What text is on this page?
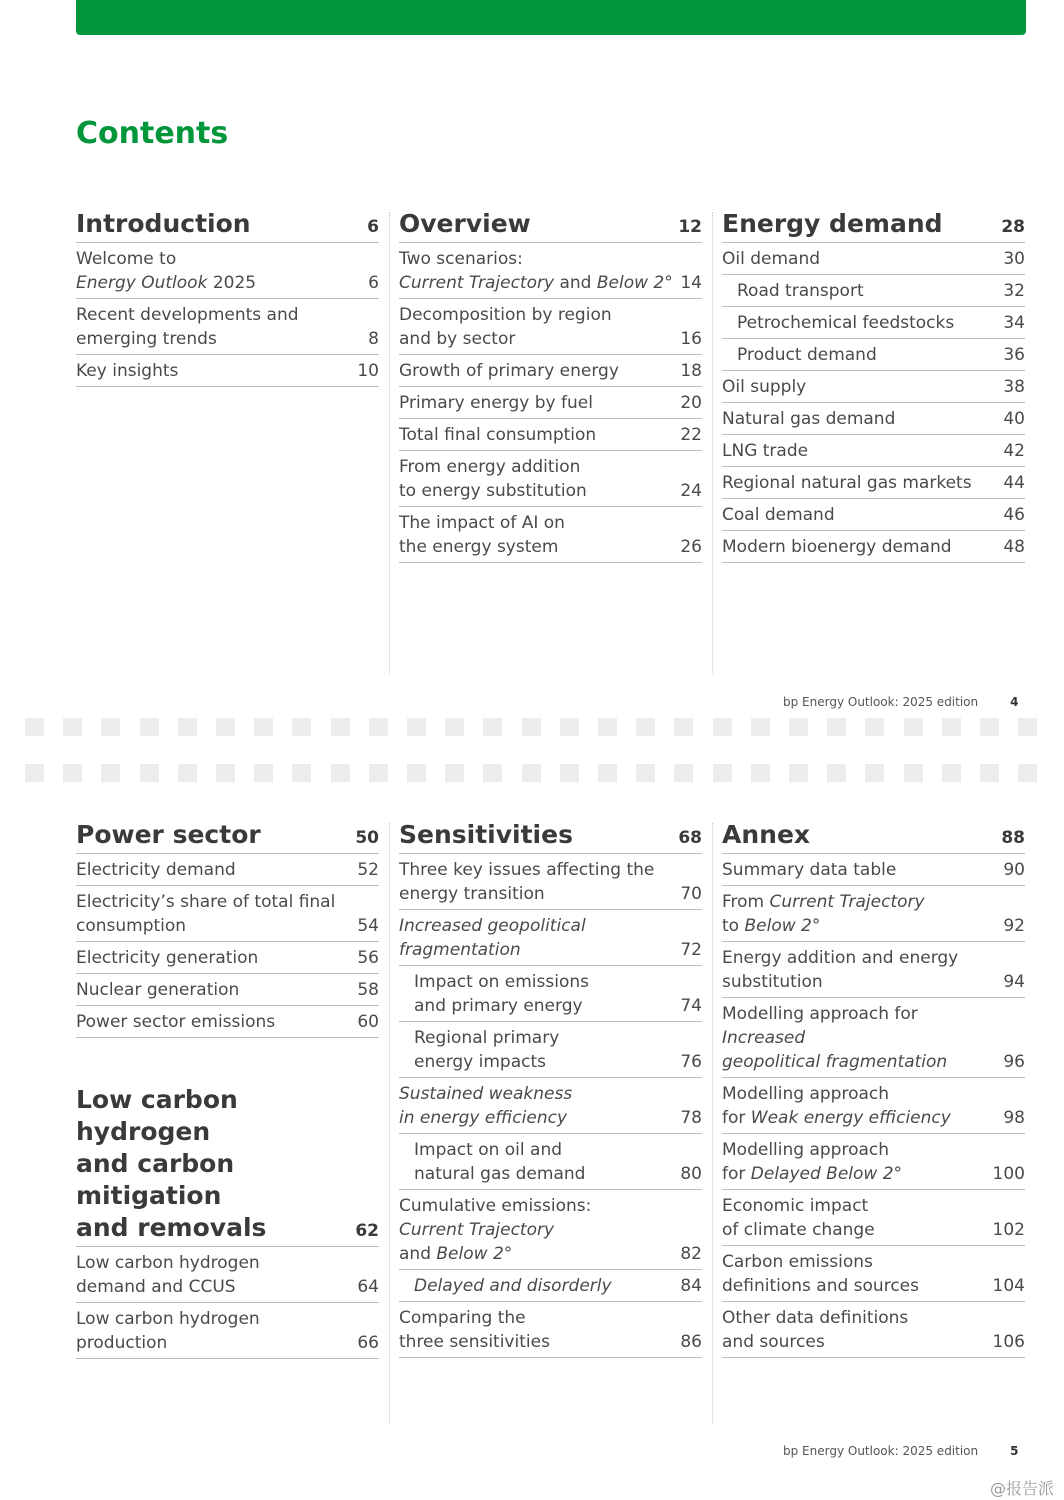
Contents
Introduction	6
Welcome to
Energy Outlook 2025	6
Recent developments and
emerging trends	8
Key insights	10
Overview	12
Two scenarios:
Current Trajectory and Below 2° 14
Decomposition by region
and by sector	16
Growth of primary energy	18
Primary energy by fuel	20
Total final consumption	22
From energy addition
to energy substitution	24
The impact of AI on
the energy system	26
Energy demand	28
Oil demand	30
Road transport	32
Petrochemical feedstocks	34
Product demand	36
Oil supply	38
Natural gas demand	40
LNG trade	42
Regional natural gas markets	44
Coal demand	46
Modern bioenergy demand	48
bp Energy Outlook: 2025 edition	4
Power sector	50
Electricity demand	52
Electricity’s share of total final
consumption	54
Electricity generation	56
Nuclear generation	58
Power sector emissions	60
Low carbon hydrogen
and carbon mitigation
and removals	62
Low carbon hydrogen
demand and CCUS	64
Low carbon hydrogen
production	66
Sensitivities	68
Three key issues affecting the
energy transition	70
Increased geopolitical
fragmentation	72
Impact on emissions
and primary energy	74
Regional primary
energy impacts	76
Sustained weakness
in energy efficiency	78
Impact on oil and
natural gas demand	80
Cumulative emissions:
Current Trajectory
and Below 2°	82
Delayed and disorderly	84
Comparing the
three sensitivities	86
Annex	88
Summary data table	90
From Current Trajectory
to Below 2°	92
Energy addition and energy
substitution	94
Modelling approach for Increased
geopolitical fragmentation	96
Modelling approach
for Weak energy efficiency	98
Modelling approach
for Delayed Below 2°	100
Economic impact
of climate change	102
Carbon emissions
definitions and sources	104
Other data definitions
and sources	106
bp Energy Outlook: 2025 edition	5
@报告派
